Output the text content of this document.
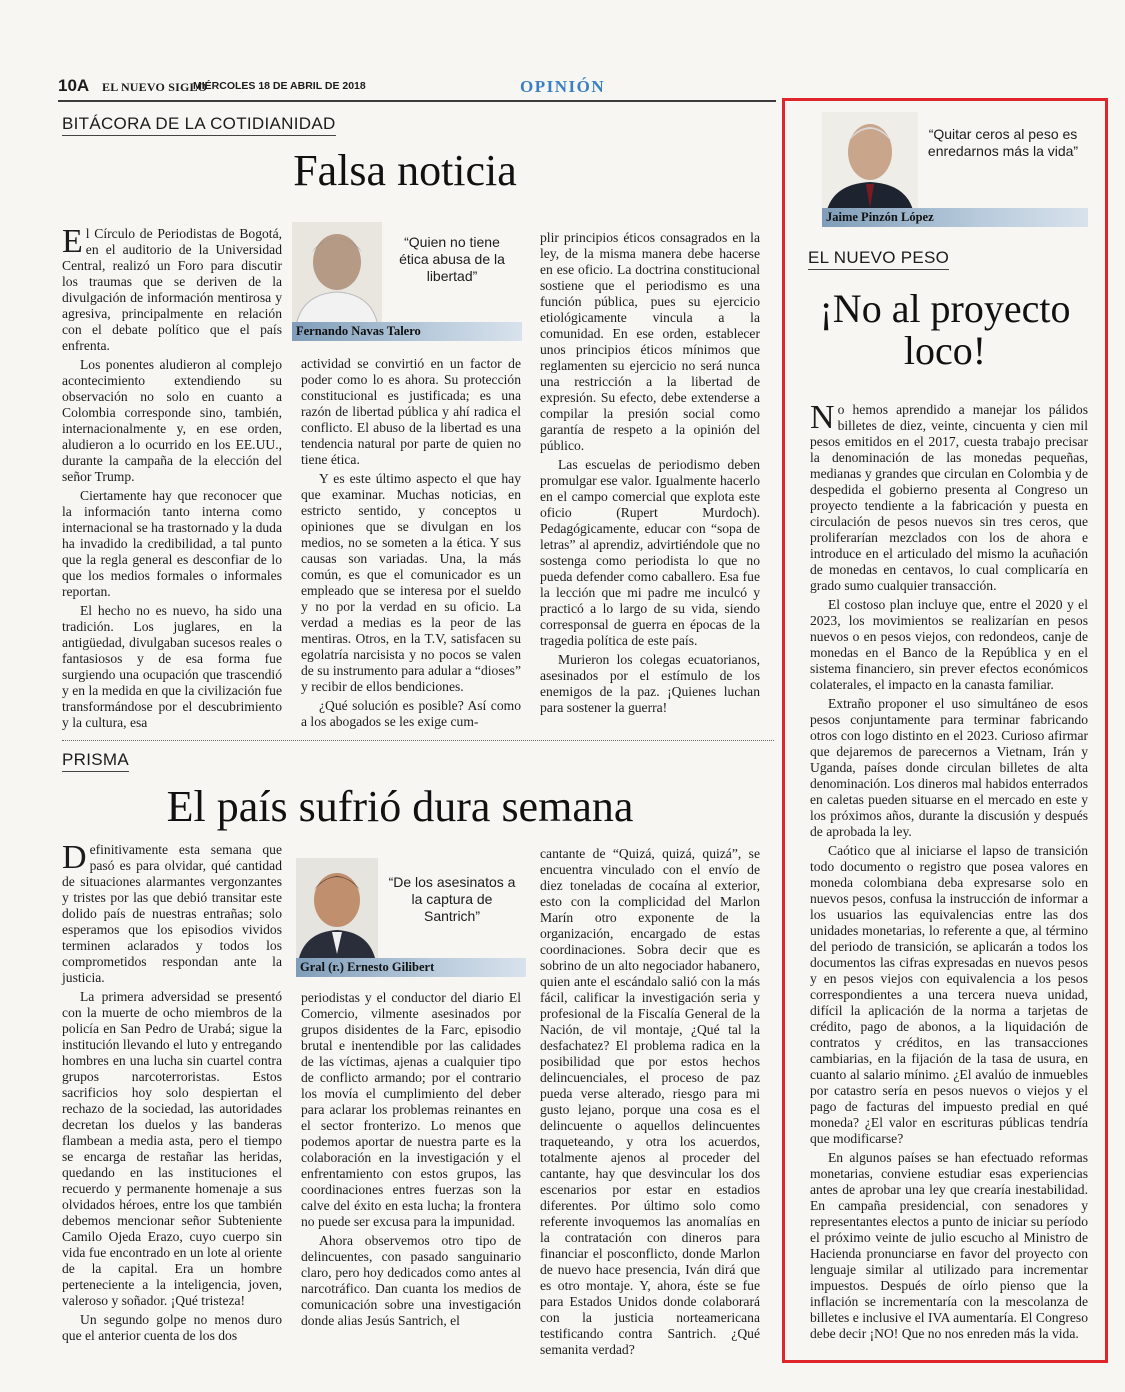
10A EL NUEVO SIGLO
MIÉRCOLES 18 DE ABRIL DE 2018	OPINIÓN
BITÁCORA DE LA COTIDIANIDAD
Falsa noticia
E l Círculo de Periodistas de Bogotá, en el auditorio de la Universidad Central, realizó un Foro para discutir los traumas que se deriven de la divulgación de información mentirosa y agresiva, principalmente en relación con el debate político que el país enfrenta.

Los ponentes aludieron al complejo acontecimiento extendiendo su observación no solo en cuanto a Colombia corresponde sino, también, internacionalmente y, en ese orden, aludieron a lo ocurrido en los EE.UU., durante la campaña de la elección del señor Trump.

Ciertamente hay que reconocer que la información tanto interna como internacional se ha trastornado y la duda ha invadido la credibilidad, a tal punto que la regla general es desconfiar de lo que los medios formales o informales reportan.

El hecho no es nuevo, ha sido una tradición. Los juglares, en la antigüedad, divulgaban sucesos reales o fantasiosos y de esa forma fue surgiendo una ocupación que trascendió y en la medida en que la civilización fue transformándose por el descubrimiento y la cultura, esa

“Quien no tiene ética abusa de la libertad”
Fernando Navas Talero

actividad se convirtió en un factor de poder como lo es ahora. Su protección constitucional es justificada; es una razón de libertad pública y ahí radica el conflicto. El abuso de la libertad es una tendencia natural por parte de quien no tiene ética.

Y es este último aspecto el que hay que examinar. Muchas noticias, en estricto sentido, y conceptos u opiniones que se divulgan en los medios, no se someten a la ética. Y sus causas son variadas. Una, la más común, es que el comunicador es un empleado que se interesa por el sueldo y no por la verdad en su oficio. La verdad a medias es la peor de las mentiras. Otros, en la T.V, satisfacen su egolatría narcisista y no pocos se valen de su instrumento para adular a “dioses” y recibir de ellos bendiciones.

¿Qué solución es posible? Así como a los abogados se les exige cum-

plir principios éticos consagrados en la ley, de la misma manera debe hacerse en ese oficio. La doctrina constitucional sostiene que el periodismo es una función pública, pues su ejercicio etiológicamente vincula a la comunidad. En ese orden, establecer unos principios éticos mínimos que reglamenten su ejercicio no será nunca una restricción a la libertad de expresión. Su efecto, debe extenderse a compilar la presión social como garantía de respeto a la opinión del público.

Las escuelas de periodismo deben promulgar ese valor. Igualmente hacerlo en el campo comercial que explota este oficio (Rupert Murdoch). Pedagógicamente, educar con “sopa de letras” al aprendiz, advirtiéndole que no sostenga como periodista lo que no pueda defender como caballero. Esa fue la lección que mi padre me inculcó y practicó a lo largo de su vida, siendo corresponsal de guerra en épocas de la tragedia política de este país.

Murieron los colegas ecuatorianos, asesinados por el estímulo de los enemigos de la paz. ¡Quienes luchan para sostener la guerra!

PRISMA
El país sufrió dura semana
D efinitivamente esta semana que pasó es para olvidar, qué cantidad de situaciones alarmantes vergonzantes y tristes por las que debió transitar este dolido país de nuestras entrañas; solo esperamos que los episodios vividos terminen aclarados y todos los comprometidos respondan ante la justicia.

La primera adversidad se presentó con la muerte de ocho miembros de la policía en San Pedro de Urabá; sigue la institución llevando el luto y entregando hombres en una lucha sin cuartel contra grupos narcoterroristas. Estos sacrificios hoy solo despiertan el rechazo de la sociedad, las autoridades decretan los duelos y las banderas flambean a media asta, pero el tiempo se encarga de restañar las heridas, quedando en las instituciones el recuerdo y permanente homenaje a sus olvidados héroes, entre los que también debemos mencionar señor Subteniente Camilo Ojeda Erazo, cuyo cuerpo sin vida fue encontrado en un lote al oriente de la capital. Era un hombre perteneciente a la inteligencia, joven, valeroso y soñador. ¡Qué tristeza!

Un segundo golpe no menos duro que el anterior cuenta de los dos

“De los asesinatos a la captura de Santrich”
Gral (r.) Ernesto Gilibert

periodistas y el conductor del diario El Comercio, vilmente asesinados por grupos disidentes de la Farc, episodio brutal e inentendible por las calidades de las víctimas, ajenas a cualquier tipo de conflicto armando; por el contrario los movía el cumplimiento del deber para aclarar los problemas reinantes en el sector fronterizo. Lo menos que podemos aportar de nuestra parte es la colaboración en la investigación y el enfrentamiento con estos grupos, las coordinaciones entres fuerzas son la calve del éxito en esta lucha; la frontera no puede ser excusa para la impunidad.

Ahora observemos otro tipo de delincuentes, con pasado sanguinario claro, pero hoy dedicados como antes al narcotráfico. Dan cuanta los medios de comunicación sobre una investigación donde alias Jesús Santrich, el

cantante de “Quizá, quizá, quizá”, se encuentra vinculado con el envío de diez toneladas de cocaína al exterior, esto con la complicidad del Marlon Marín otro exponente de la organización, encargado de estas coordinaciones. Sobra decir que es sobrino de un alto negociador habanero, quien ante el escándalo salió con la más fácil, calificar la investigación seria y profesional de la Fiscalía General de la Nación, de vil montaje, ¿Qué tal la desfachatez? El problema radica en la posibilidad que por estos hechos delincuenciales, el proceso de paz pueda verse alterado, riesgo para mi gusto lejano, porque una cosa es el delincuente o aquellos delincuentes traqueteando, y otra los acuerdos, totalmente ajenos al proceder del cantante, hay que desvincular los dos escenarios por estar en estadios diferentes. Por último solo como referente invoquemos las anomalías en la contratación con dineros para financiar el posconflicto, donde Marlon de nuevo hace presencia, Iván dirá que es otro montaje. Y, ahora, éste se fue para Estados Unidos donde colaborará con la justicia norteamericana testificando contra Santrich. ¿Qué semanita verdad?

“Quitar ceros al peso es enredarnos más la vida”
Jaime Pinzón López
EL NUEVO PESO
¡No al proyecto loco!
N o hemos aprendido a manejar los pálidos billetes de diez, veinte, cincuenta y cien mil pesos emitidos en el 2017, cuesta trabajo precisar la denominación de las monedas pequeñas, medianas y grandes que circulan en Colombia y de despedida el gobierno presenta al Congreso un proyecto tendiente a la fabricación y puesta en circulación de pesos nuevos sin tres ceros, que proliferarían mezclados con los de ahora e introduce en el articulado del mismo la acuñación de monedas en centavos, lo cual complicaría en grado sumo cualquier transacción.

El costoso plan incluye que, entre el 2020 y el 2023, los movimientos se realizarían en pesos nuevos o en pesos viejos, con redondeos, canje de monedas en el Banco de la República y en el sistema financiero, sin prever efectos económicos colaterales, el impacto en la canasta familiar.

Extraño proponer el uso simultáneo de esos pesos conjuntamente para terminar fabricando otros con logo distinto en el 2023. Curioso afirmar que dejaremos de parecernos a Vietnam, Irán y Uganda, países donde circulan billetes de alta denominación. Los dineros mal habidos enterrados en caletas pueden situarse en el mercado en este y los próximos años, durante la discusión y después de aprobada la ley.

Caótico que al iniciarse el lapso de transición todo documento o registro que posea valores en moneda colombiana deba expresarse solo en nuevos pesos, confusa la instrucción de informar a los usuarios las equivalencias entre las dos unidades monetarias, lo referente a que, al término del periodo de transición, se aplicarán a todos los documentos las cifras expresadas en nuevos pesos y en pesos viejos con equivalencia a los pesos correspondientes a una tercera nueva unidad, difícil la aplicación de la norma a tarjetas de crédito, pago de abonos, a la liquidación de contratos y créditos, en las transacciones cambiarias, en la fijación de la tasa de usura, en cuanto al salario mínimo. ¿El avalúo de inmuebles por catastro sería en pesos nuevos o viejos y el pago de facturas del impuesto predial en qué moneda? ¿El valor en escrituras públicas tendría que modificarse?

En algunos países se han efectuado reformas monetarias, conviene estudiar esas experiencias antes de aprobar una ley que crearía inestabilidad. En campaña presidencial, con senadores y representantes electos a punto de iniciar su período el próximo veinte de julio escucho al Ministro de Hacienda pronunciarse en favor del proyecto con lenguaje similar al utilizado para incrementar impuestos. Después de oírlo pienso que la inflación se incrementaría con la mescolanza de billetes e inclusive el IVA aumentaría. El Congreso debe decir ¡NO! Que no nos enreden más la vida.
